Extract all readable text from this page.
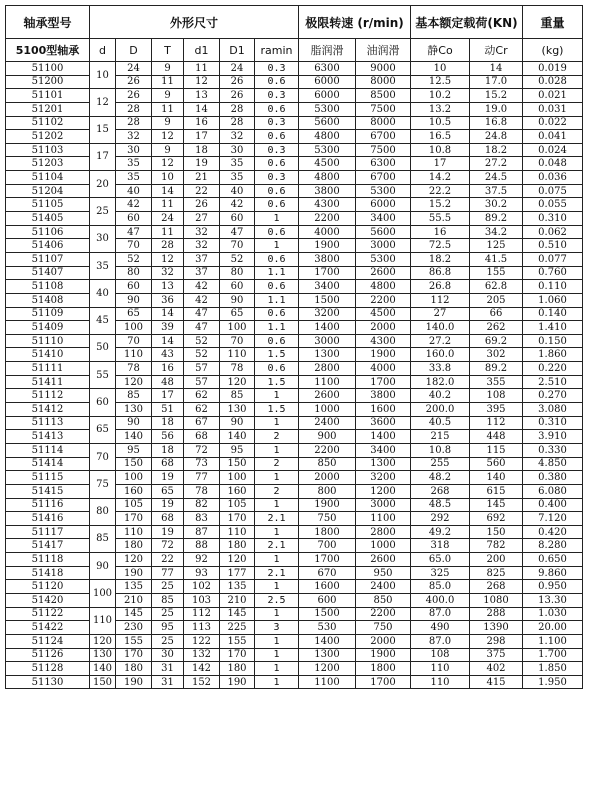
轴承型号	外形尺寸						极限转速 (r/min)		基本额定载荷(KN)		重量
5100型轴承	d	D	T	d1	D1	ramin	脂润滑	油润滑	静Co	动Cr	(kg)
51100	10	24	9	11	24	0.3	6300	9000	10	14	0.019
51200		26	11	12	26	0.6	6000	8000	12.5	17.0	0.028
51101	12	26	9	13	26	0.3	6000	8500	10.2	15.2	0.021
51201		28	11	14	28	0.6	5300	7500	13.2	19.0	0.031
51102	15	28	9	16	28	0.3	5600	8000	10.5	16.8	0.022
51202		32	12	17	32	0.6	4800	6700	16.5	24.8	0.041
51103	17	30	9	18	30	0.3	5300	7500	10.8	18.2	0.024
51203		35	12	19	35	0.6	4500	6300	17	27.2	0.048
51104	20	35	10	21	35	0.3	4800	6700	14.2	24.5	0.036
51204		40	14	22	40	0.6	3800	5300	22.2	37.5	0.075
51105	25	42	11	26	42	0.6	4300	6000	15.2	30.2	0.055
51405		60	24	27	60	1	2200	3400	55.5	89.2	0.310
51106	30	47	11	32	47	0.6	4000	5600	16	34.2	0.062
51406		70	28	32	70	1	1900	3000	72.5	125	0.510
51107	35	52	12	37	52	0.6	3800	5300	18.2	41.5	0.077
51407		80	32	37	80	1.1	1700	2600	86.8	155	0.760
51108	40	60	13	42	60	0.6	3400	4800	26.8	62.8	0.110
51408		90	36	42	90	1.1	1500	2200	112	205	1.060
51109	45	65	14	47	65	0.6	3200	4500	27	66	0.140
51409		100	39	47	100	1.1	1400	2000	140.0	262	1.410
51110	50	70	14	52	70	0.6	3000	4300	27.2	69.2	0.150
51410		110	43	52	110	1.5	1300	1900	160.0	302	1.860
51111	55	78	16	57	78	0.6	2800	4000	33.8	89.2	0.220
51411		120	48	57	120	1.5	1100	1700	182.0	355	2.510
51112	60	85	17	62	85	1	2600	3800	40.2	108	0.270
51412		130	51	62	130	1.5	1000	1600	200.0	395	3.080
51113	65	90	18	67	90	1	2400	3600	40.5	112	0.310
51413		140	56	68	140	2	900	1400	215	448	3.910
51114	70	95	18	72	95	1	2200	3400	10.8	115	0.330
51414		150	68	73	150	2	850	1300	255	560	4.850
51115	75	100	19	77	100	1	2000	3200	48.2	140	0.380
51415		160	65	78	160	2	800	1200	268	615	6.080
51116	80	105	19	82	105	1	1900	3000	48.5	145	0.400
51416		170	68	83	170	2.1	750	1100	292	692	7.120
51117	85	110	19	87	110	1	1800	2800	49.2	150	0.420
51417		180	72	88	180	2.1	700	1000	318	782	8.280
51118	90	120	22	92	120	1	1700	2600	65.0	200	0.650
51418		190	77	93	177	2.1	670	950	325	825	9.860
51120	100	135	25	102	135	1	1600	2400	85.0	268	0.950
51420		210	85	103	210	2.5	600	850	400.0	1080	13.30
51122	110	145	25	112	145	1	1500	2200	87.0	288	1.030
51422		230	95	113	225	3	530	750	490	1390	20.00
51124	120	155	25	122	155	1	1400	2000	87.0	298	1.100
51126	130	170	30	132	170	1	1300	1900	108	375	1.700
51128	140	180	31	142	180	1	1200	1800	110	402	1.850
51130	150	190	31	152	190	1	1100	1700	110	415	1.950
